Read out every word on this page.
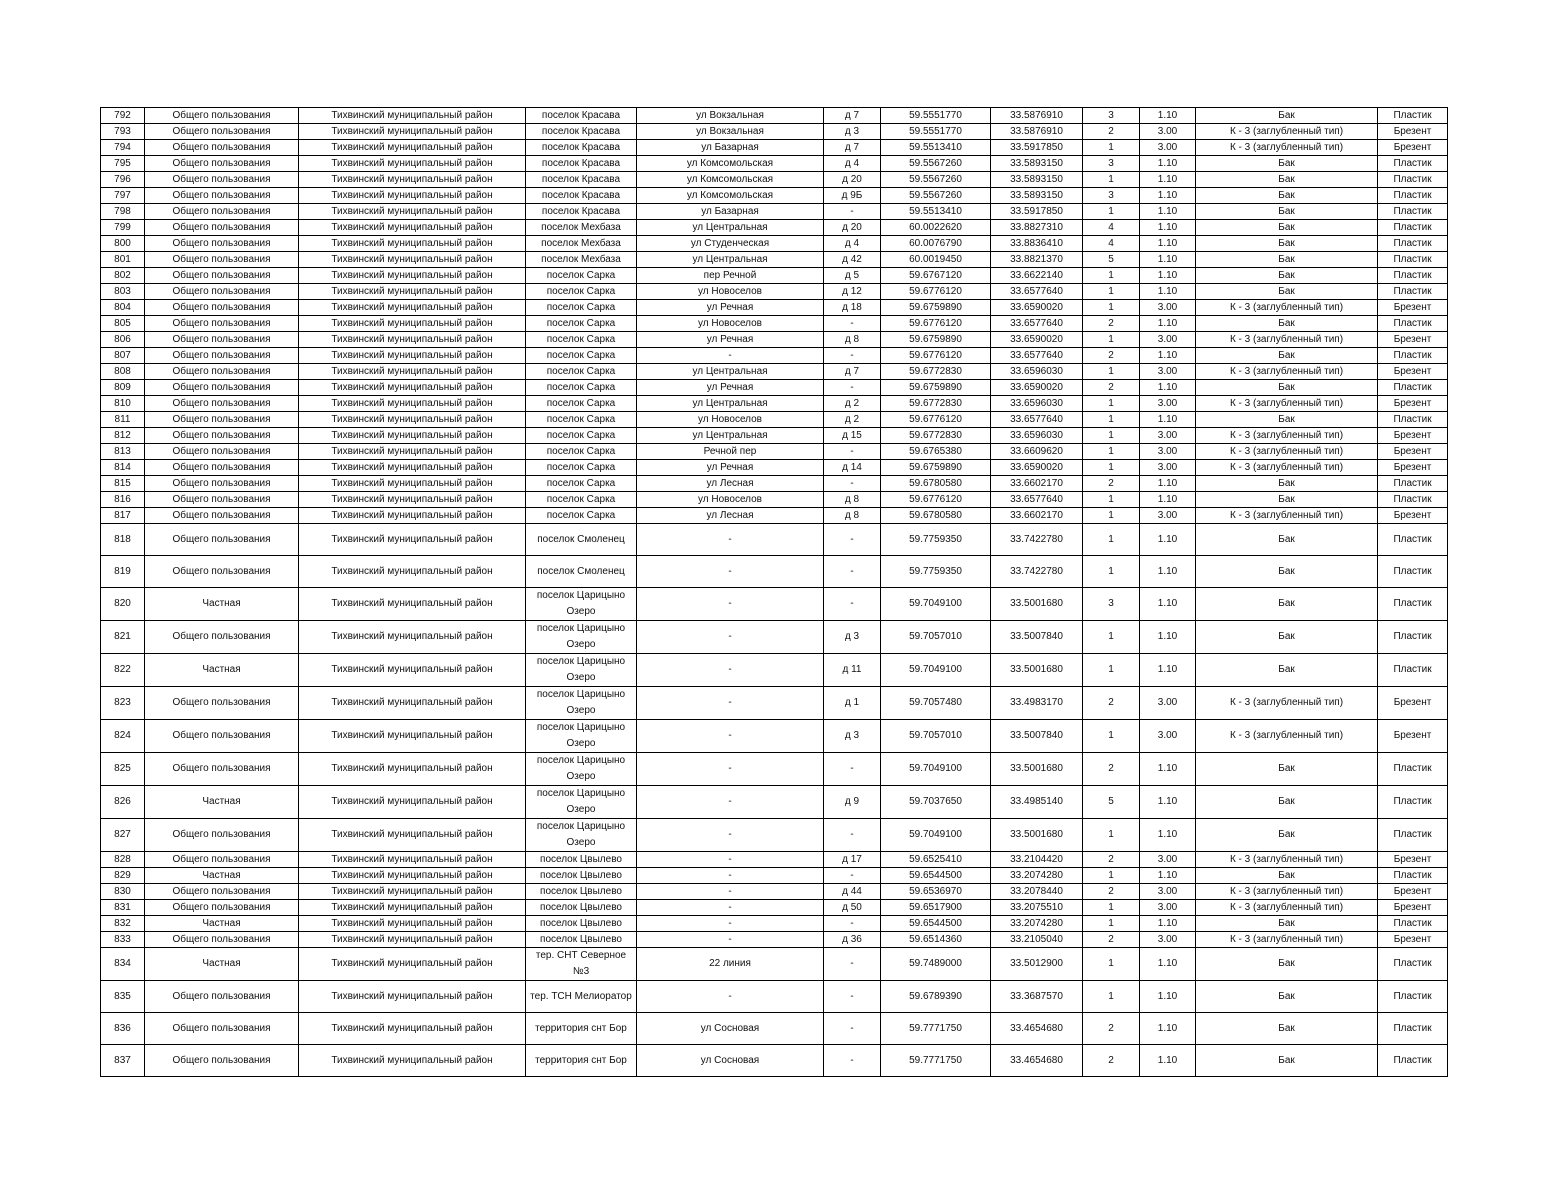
792	Общего пользования	Тихвинский муниципальный район	поселок Красава	ул Вокзальная	д 7	59.5551770	33.5876910	3	1.10	Бак	Пластик
793	Общего пользования	Тихвинский муниципальный район	поселок Красава	ул Вокзальная	д 3	59.5551770	33.5876910	2	3.00	К - 3 (заглубленный тип)	Брезент
794	Общего пользования	Тихвинский муниципальный район	поселок Красава	ул Базарная	д 7	59.5513410	33.5917850	1	3.00	К - 3 (заглубленный тип)	Брезент
795	Общего пользования	Тихвинский муниципальный район	поселок Красава	ул Комсомольская	д 4	59.5567260	33.5893150	3	1.10	Бак	Пластик
796	Общего пользования	Тихвинский муниципальный район	поселок Красава	ул Комсомольская	д 20	59.5567260	33.5893150	1	1.10	Бак	Пластик
797	Общего пользования	Тихвинский муниципальный район	поселок Красава	ул Комсомольская	д 9Б	59.5567260	33.5893150	3	1.10	Бак	Пластик
798	Общего пользования	Тихвинский муниципальный район	поселок Красава	ул Базарная	-	59.5513410	33.5917850	1	1.10	Бак	Пластик
799	Общего пользования	Тихвинский муниципальный район	поселок Мехбаза	ул Центральная	д 20	60.0022620	33.8827310	4	1.10	Бак	Пластик
800	Общего пользования	Тихвинский муниципальный район	поселок Мехбаза	ул Студенческая	д 4	60.0076790	33.8836410	4	1.10	Бак	Пластик
801	Общего пользования	Тихвинский муниципальный район	поселок Мехбаза	ул Центральная	д 42	60.0019450	33.8821370	5	1.10	Бак	Пластик
802	Общего пользования	Тихвинский муниципальный район	поселок Сарка	пер Речной	д 5	59.6767120	33.6622140	1	1.10	Бак	Пластик
803	Общего пользования	Тихвинский муниципальный район	поселок Сарка	ул Новоселов	д 12	59.6776120	33.6577640	1	1.10	Бак	Пластик
804	Общего пользования	Тихвинский муниципальный район	поселок Сарка	ул Речная	д 18	59.6759890	33.6590020	1	3.00	К - 3 (заглубленный тип)	Брезент
805	Общего пользования	Тихвинский муниципальный район	поселок Сарка	ул Новоселов	-	59.6776120	33.6577640	2	1.10	Бак	Пластик
806	Общего пользования	Тихвинский муниципальный район	поселок Сарка	ул Речная	д 8	59.6759890	33.6590020	1	3.00	К - 3 (заглубленный тип)	Брезент
807	Общего пользования	Тихвинский муниципальный район	поселок Сарка	-	-	59.6776120	33.6577640	2	1.10	Бак	Пластик
808	Общего пользования	Тихвинский муниципальный район	поселок Сарка	ул Центральная	д 7	59.6772830	33.6596030	1	3.00	К - 3 (заглубленный тип)	Брезент
809	Общего пользования	Тихвинский муниципальный район	поселок Сарка	ул Речная	-	59.6759890	33.6590020	2	1.10	Бак	Пластик
810	Общего пользования	Тихвинский муниципальный район	поселок Сарка	ул Центральная	д 2	59.6772830	33.6596030	1	3.00	К - 3 (заглубленный тип)	Брезент
811	Общего пользования	Тихвинский муниципальный район	поселок Сарка	ул Новоселов	д 2	59.6776120	33.6577640	1	1.10	Бак	Пластик
812	Общего пользования	Тихвинский муниципальный район	поселок Сарка	ул Центральная	д 15	59.6772830	33.6596030	1	3.00	К - 3 (заглубленный тип)	Брезент
813	Общего пользования	Тихвинский муниципальный район	поселок Сарка	Речной пер	-	59.6765380	33.6609620	1	3.00	К - 3 (заглубленный тип)	Брезент
814	Общего пользования	Тихвинский муниципальный район	поселок Сарка	ул Речная	д 14	59.6759890	33.6590020	1	3.00	К - 3 (заглубленный тип)	Брезент
815	Общего пользования	Тихвинский муниципальный район	поселок Сарка	ул Лесная	-	59.6780580	33.6602170	2	1.10	Бак	Пластик
816	Общего пользования	Тихвинский муниципальный район	поселок Сарка	ул Новоселов	д 8	59.6776120	33.6577640	1	1.10	Бак	Пластик
817	Общего пользования	Тихвинский муниципальный район	поселок Сарка	ул Лесная	д 8	59.6780580	33.6602170	1	3.00	К - 3 (заглубленный тип)	Брезент
818	Общего пользования	Тихвинский муниципальный район	поселок Смоленец	-	-	59.7759350	33.7422780	1	1.10	Бак	Пластик
819	Общего пользования	Тихвинский муниципальный район	поселок Смоленец	-	-	59.7759350	33.7422780	1	1.10	Бак	Пластик
820	Частная	Тихвинский муниципальный район	поселок Царицыно Озеро	-	-	59.7049100	33.5001680	3	1.10	Бак	Пластик
821	Общего пользования	Тихвинский муниципальный район	поселок Царицыно Озеро	-	д 3	59.7057010	33.5007840	1	1.10	Бак	Пластик
822	Частная	Тихвинский муниципальный район	поселок Царицыно Озеро	-	д 11	59.7049100	33.5001680	1	1.10	Бак	Пластик
823	Общего пользования	Тихвинский муниципальный район	поселок Царицыно Озеро	-	д 1	59.7057480	33.4983170	2	3.00	К - 3 (заглубленный тип)	Брезент
824	Общего пользования	Тихвинский муниципальный район	поселок Царицыно Озеро	-	д 3	59.7057010	33.5007840	1	3.00	К - 3 (заглубленный тип)	Брезент
825	Общего пользования	Тихвинский муниципальный район	поселок Царицыно Озеро	-	-	59.7049100	33.5001680	2	1.10	Бак	Пластик
826	Частная	Тихвинский муниципальный район	поселок Царицыно Озеро	-	д 9	59.7037650	33.4985140	5	1.10	Бак	Пластик
827	Общего пользования	Тихвинский муниципальный район	поселок Царицыно Озеро	-	-	59.7049100	33.5001680	1	1.10	Бак	Пластик
828	Общего пользования	Тихвинский муниципальный район	поселок Цвылево	-	д 17	59.6525410	33.2104420	2	3.00	К - 3 (заглубленный тип)	Брезент
829	Частная	Тихвинский муниципальный район	поселок Цвылево	-	-	59.6544500	33.2074280	1	1.10	Бак	Пластик
830	Общего пользования	Тихвинский муниципальный район	поселок Цвылево	-	д 44	59.6536970	33.2078440	2	3.00	К - 3 (заглубленный тип)	Брезент
831	Общего пользования	Тихвинский муниципальный район	поселок Цвылево	-	д 50	59.6517900	33.2075510	1	3.00	К - 3 (заглубленный тип)	Брезент
832	Частная	Тихвинский муниципальный район	поселок Цвылево	-	-	59.6544500	33.2074280	1	1.10	Бак	Пластик
833	Общего пользования	Тихвинский муниципальный район	поселок Цвылево	-	д 36	59.6514360	33.2105040	2	3.00	К - 3 (заглубленный тип)	Брезент
834	Частная	Тихвинский муниципальный район	тер. СНТ Северное №3	22 линия	-	59.7489000	33.5012900	1	1.10	Бак	Пластик
835	Общего пользования	Тихвинский муниципальный район	тер. ТСН Мелиоратор	-	-	59.6789390	33.3687570	1	1.10	Бак	Пластик
836	Общего пользования	Тихвинский муниципальный район	территория снт Бор	ул Сосновая	-	59.7771750	33.4654680	2	1.10	Бак	Пластик
837	Общего пользования	Тихвинский муниципальный район	территория снт Бор	ул Сосновая	-	59.7771750	33.4654680	2	1.10	Бак	Пластик
